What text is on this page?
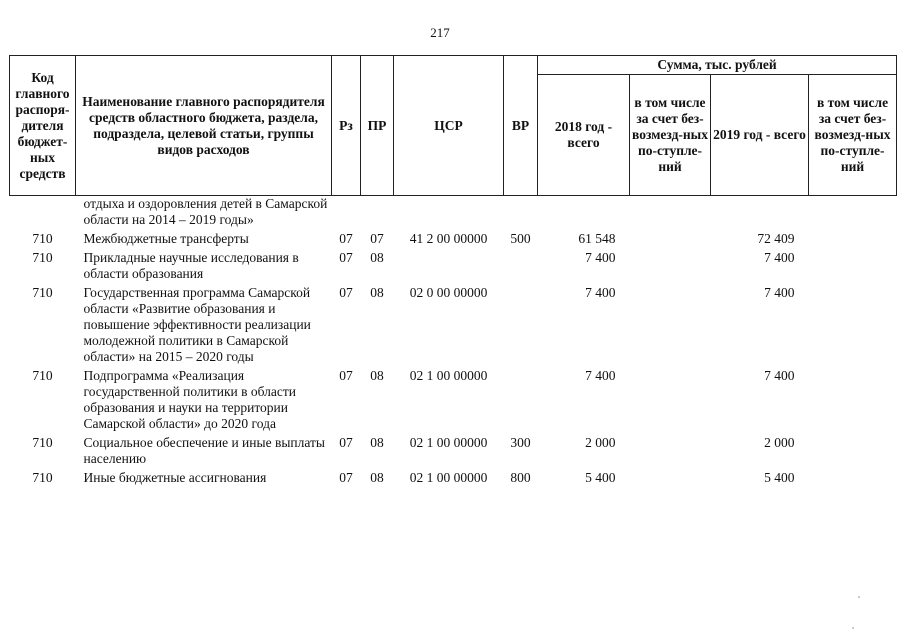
217
Код главного распоря-дителя бюджет-ных средств	Наименование главного распорядителя средств областного бюджета, раздела, подраздела, целевой статьи, группы видов расходов	Рз	ПР	ЦСР	ВР	Сумма, тыс. рублей			
						2018 год - всего	в том числе за счет без-возмезд-ных по-ступле-ний	2019 год - всего	в том числе за счет без-возмезд-ных по-ступле-ний
	отдыха и оздоровления детей в Самарской области на 2014 – 2019 годы»								
710	Межбюджетные трансферты	07	07	41 2 00 00000	500	61 548		72 409	
710	Прикладные научные исследования в области образования	07	08			7 400		7 400	
710	Государственная программа Самарской области «Развитие образования и повышение эффективности реализации молодежной политики в Самарской области» на 2015 – 2020 годы	07	08	02 0 00 00000		7 400		7 400	
710	Подпрограмма «Реализация государственной политики в области образования и науки на территории Самарской области» до 2020 года	07	08	02 1 00 00000		7 400		7 400	
710	Социальное обеспечение и иные выплаты населению	07	08	02 1 00 00000	300	2 000		2 000	
710	Иные бюджетные ассигнования	07	08	02 1 00 00000	800	5 400		5 400	
